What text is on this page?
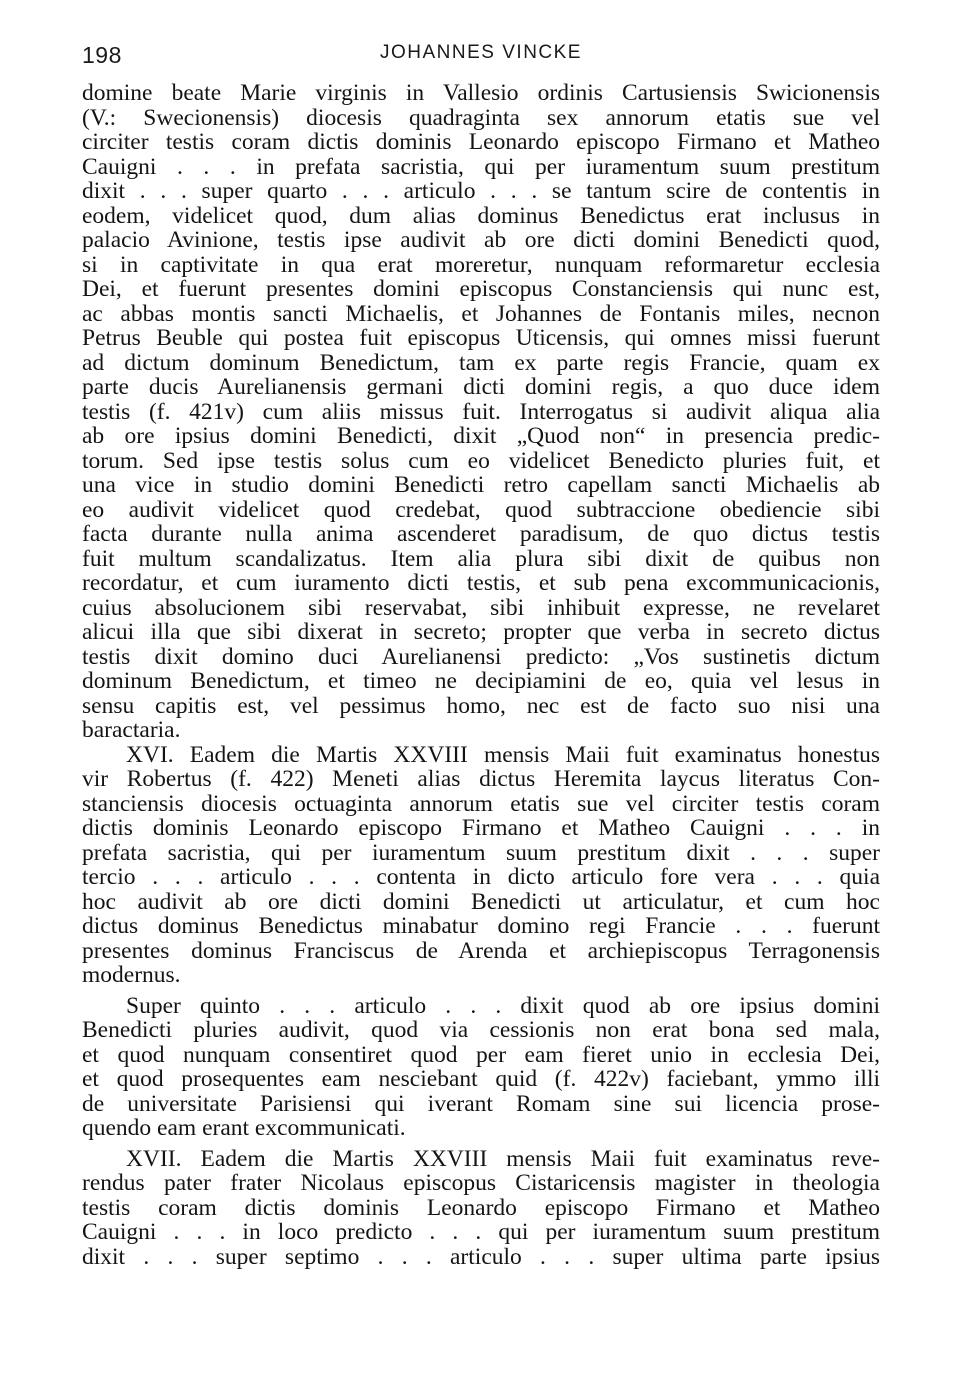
198	JOHANNES VINCKE
domine beate Marie virginis in Vallesio ordinis Cartusiensis Swicionensis
(V.: Swecionensis) diocesis quadraginta sex annorum etatis sue vel
circiter testis coram dictis dominis Leonardo episcopo Firmano et Matheo
Cauigni . . . in prefata sacristia, qui per iuramentum suum prestitum
dixit . . . super quarto . . . articulo . . . se tantum scire de contentis in
eodem, videlicet quod, dum alias dominus Benedictus erat inclusus in
palacio Avinione, testis ipse audivit ab ore dicti domini Benedicti quod,
si in captivitate in qua erat moreretur, nunquam reformaretur ecclesia
Dei, et fuerunt presentes domini episcopus Constanciensis qui nunc est,
ac abbas montis sancti Michaelis, et Johannes de Fontanis miles, necnon
Petrus Beuble qui postea fuit episcopus Uticensis, qui omnes missi fuerunt
ad dictum dominum Benedictum, tam ex parte regis Francie, quam ex
parte ducis Aurelianensis germani dicti domini regis, a quo duce idem
testis (f. 421v) cum aliis missus fuit. Interrogatus si audivit aliqua alia
ab ore ipsius domini Benedicti, dixit „Quod non“ in presencia predic-
torum. Sed ipse testis solus cum eo videlicet Benedicto pluries fuit, et
una vice in studio domini Benedicti retro capellam sancti Michaelis ab
eo audivit videlicet quod credebat, quod subtraccione obediencie sibi
facta durante nulla anima ascenderet paradisum, de quo dictus testis
fuit multum scandalizatus. Item alia plura sibi dixit de quibus non
recordatur, et cum iuramento dicti testis, et sub pena excommunicacionis,
cuius absolucionem sibi reservabat, sibi inhibuit expresse, ne revelaret
alicui illa que sibi dixerat in secreto; propter que verba in secreto dictus
testis dixit domino duci Aurelianensi predicto: „Vos sustinetis dictum
dominum Benedictum, et timeo ne decipiamini de eo, quia vel lesus in
sensu capitis est, vel pessimus homo, nec est de facto suo nisi una
baractaria.
XVI. Eadem die Martis XXVIII mensis Maii fuit examinatus honestus
vir Robertus (f. 422) Meneti alias dictus Heremita laycus literatus Con-
stanciensis diocesis octuaginta annorum etatis sue vel circiter testis coram
dictis dominis Leonardo episcopo Firmano et Matheo Cauigni . . . in
prefata sacristia, qui per iuramentum suum prestitum dixit . . . super
tercio . . . articulo . . . contenta in dicto articulo fore vera . . . quia
hoc audivit ab ore dicti domini Benedicti ut articulatur, et cum hoc
dictus dominus Benedictus minabatur domino regi Francie . . . fuerunt
presentes dominus Franciscus de Arenda et archiepiscopus Terragonensis
modernus.
Super quinto . . . articulo . . . dixit quod ab ore ipsius domini
Benedicti pluries audivit, quod via cessionis non erat bona sed mala,
et quod nunquam consentiret quod per eam fieret unio in ecclesia Dei,
et quod prosequentes eam nesciebant quid (f. 422v) faciebant, ymmo illi
de universitate Parisiensi qui iverant Romam sine sui licencia prose-
quendo eam erant excommunicati.
XVII. Eadem die Martis XXVIII mensis Maii fuit examinatus reve-
rendus pater frater Nicolaus episcopus Cistaricensis magister in theologia
testis coram dictis dominis Leonardo episcopo Firmano et Matheo
Cauigni . . . in loco predicto . . . qui per iuramentum suum prestitum
dixit . . . super septimo . . . articulo . . . super ultima parte ipsius
